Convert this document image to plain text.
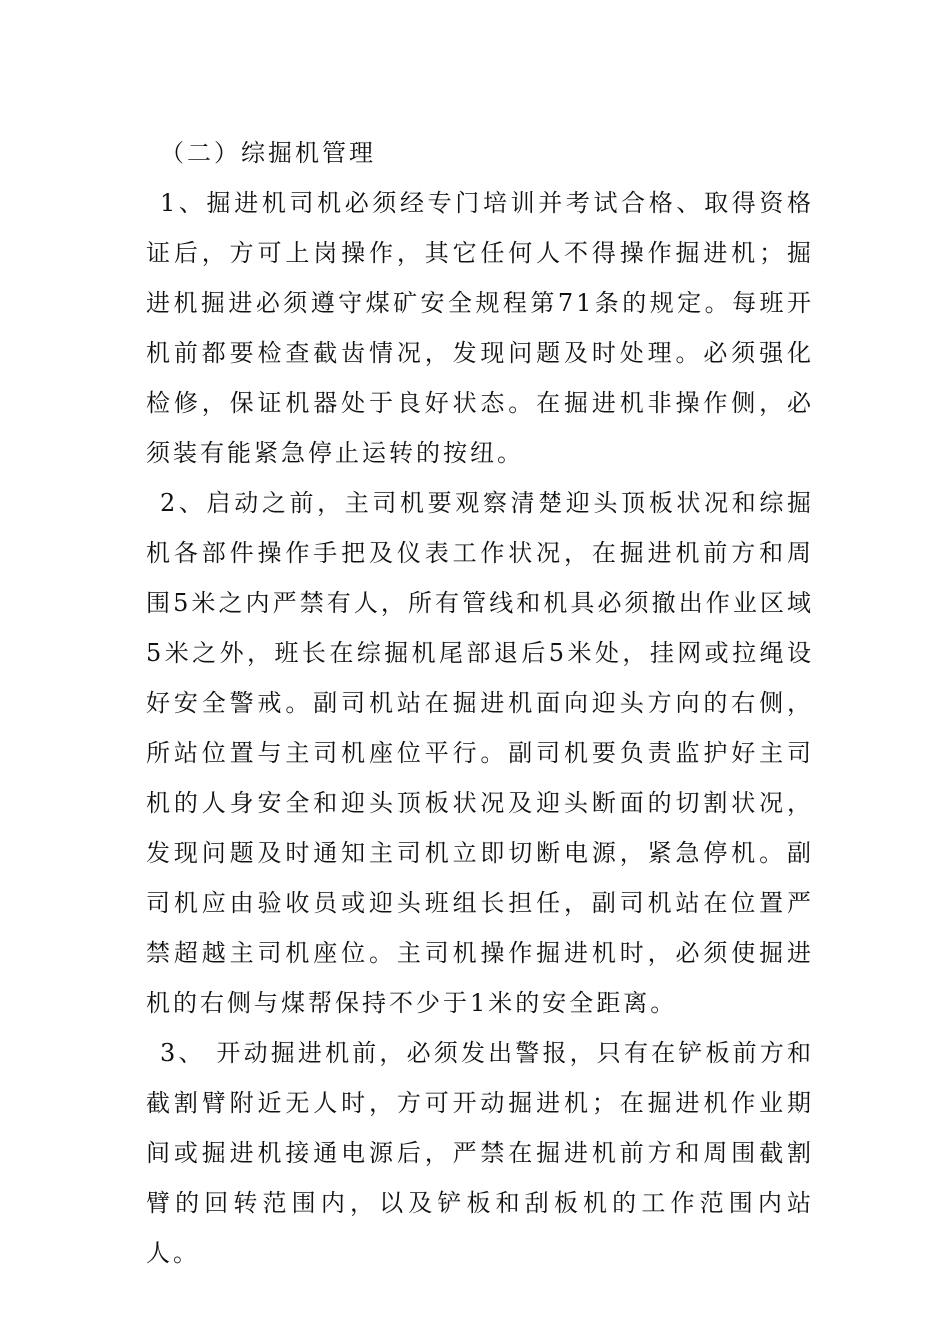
（二）综掘机管理

1、掘进机司机必须经专门培训并考试合格、取得资格证后，方可上岗操作，其它任何人不得操作掘进机；掘进机掘进必须遵守煤矿安全规程第71条的规定。每班开机前都要检查截齿情况，发现问题及时处理。必须强化检修，保证机器处于良好状态。在掘进机非操作侧，必须装有能紧急停止运转的按纽。

2、启动之前，主司机要观察清楚迎头顶板状况和综掘机各部件操作手把及仪表工作状况，在掘进机前方和周围5米之内严禁有人，所有管线和机具必须撤出作业区域5米之外，班长在综掘机尾部退后5米处，挂网或拉绳设好安全警戒。副司机站在掘进机面向迎头方向的右侧，所站位置与主司机座位平行。副司机要负责监护好主司机的人身安全和迎头顶板状况及迎头断面的切割状况，发现问题及时通知主司机立即切断电源，紧急停机。副司机应由验收员或迎头班组长担任，副司机站在位置严禁超越主司机座位。主司机操作掘进机时，必须使掘进机的右侧与煤帮保持不少于1米的安全距离。

3、 开动掘进机前，必须发出警报，只有在铲板前方和截割臂附近无人时，方可开动掘进机；在掘进机作业期间或掘进机接通电源后，严禁在掘进机前方和周围截割臂的回转范围内，以及铲板和刮板机的工作范围内站人。
